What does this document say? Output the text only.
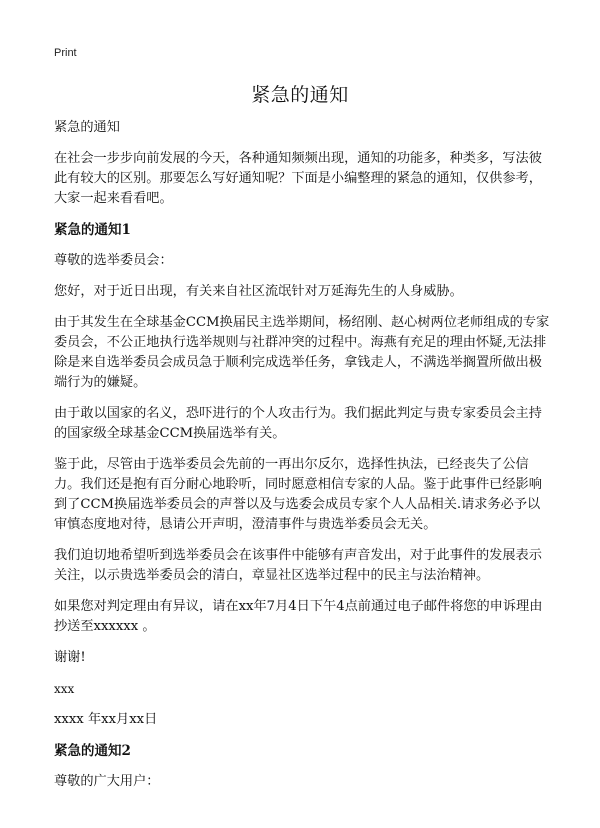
Print
紧急的通知

紧急的通知

在社会一步步向前发展的今天，各种通知频频出现，通知的功能多，种类多，写法彼此有较大的区别。那要怎么写好通知呢？下面是小编整理的紧急的通知，仅供参考，大家一起来看看吧。

紧急的通知1

尊敬的选举委员会：

您好，对于近日出现，有关来自社区流氓针对万延海先生的人身威胁。

由于其发生在全球基金CCM换届民主选举期间，杨绍刚、赵心树两位老师组成的专家委员会，不公正地执行选举规则与社群冲突的过程中。海燕有充足的理由怀疑,无法排除是来自选举委员会成员急于顺利完成选举任务，拿钱走人，不满选举搁置所做出极端行为的嫌疑。

由于敢以国家的名义，恐吓进行的个人攻击行为。我们据此判定与贵专家委员会主持的国家级全球基金CCM换届选举有关。

鉴于此，尽管由于选举委员会先前的一再出尔反尔，选择性执法，已经丧失了公信力。我们还是抱有百分耐心地聆听，同时愿意相信专家的人品。鉴于此事件已经影响到了CCM换届选举委员会的声誉以及与选委会成员专家个人人品相关.请求务必予以审慎态度地对待，恳请公开声明，澄清事件与贵选举委员会无关。

我们迫切地希望听到选举委员会在该事件中能够有声音发出，对于此事件的发展表示关注，以示贵选举委员会的清白，章显社区选举过程中的民主与法治精神。

如果您对判定理由有异议，请在xx年7月4日下午4点前通过电子邮件将您的申诉理由抄送至xxxxxx 。

谢谢!

xxx

xxxx 年xx月xx日

紧急的通知2

尊敬的广大用户：
